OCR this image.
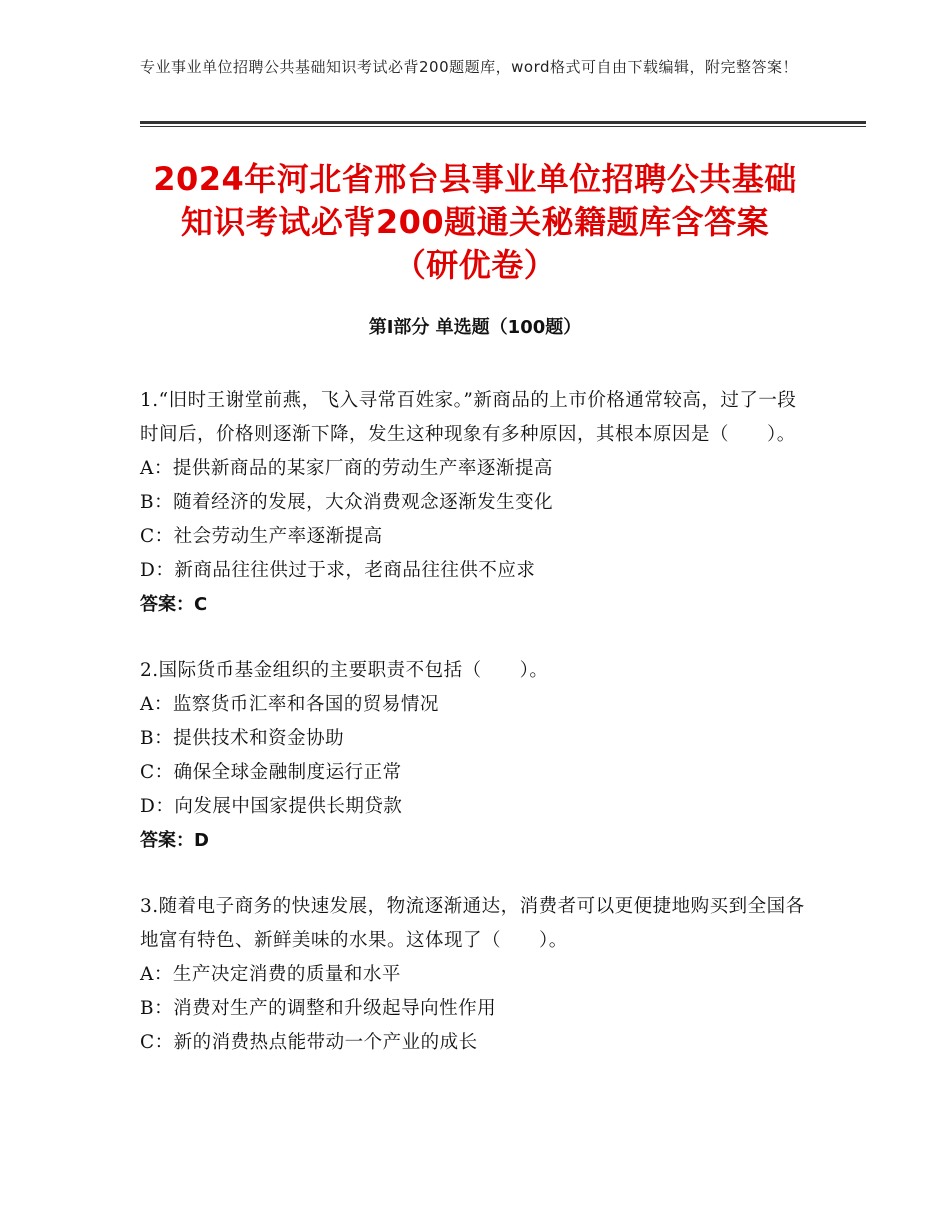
专业事业单位招聘公共基础知识考试必背200题题库，word格式可自由下载编辑，附完整答案！
2024年河北省邢台县事业单位招聘公共基础
知识考试必背200题通关秘籍题库含答案
（研优卷）
第Ⅰ部分 单选题（100题）
1.“旧时王谢堂前燕，飞入寻常百姓家。”新商品的上市价格通常较高，过了一段时间后，价格则逐渐下降，发生这种现象有多种原因，其根本原因是（　　）。
A：提供新商品的某家厂商的劳动生产率逐渐提高
B：随着经济的发展，大众消费观念逐渐发生变化
C：社会劳动生产率逐渐提高
D：新商品往往供过于求，老商品往往供不应求
答案：C
2.国际货币基金组织的主要职责不包括（　　）。
A：监察货币汇率和各国的贸易情况
B：提供技术和资金协助
C：确保全球金融制度运行正常
D：向发展中国家提供长期贷款
答案：D
3.随着电子商务的快速发展，物流逐渐通达，消费者可以更便捷地购买到全国各地富有特色、新鲜美味的水果。这体现了（　　）。
A：生产决定消费的质量和水平
B：消费对生产的调整和升级起导向性作用
C：新的消费热点能带动一个产业的成长
